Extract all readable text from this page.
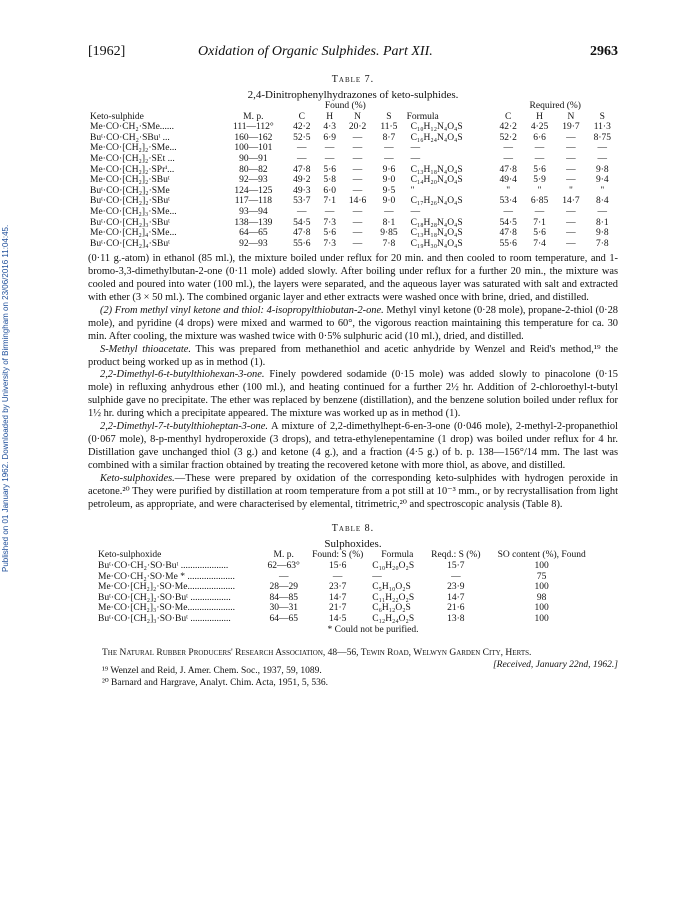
Published on 01 January 1962. Downloaded by University of Birmingham on 23/06/2016 11:04:45.
[1962]	Oxidation of Organic Sulphides. Part XII.	2963
Table 7.
2,4-Dinitrophenylhydrazones of keto-sulphides.
		Found (%)					Required (%)			
Keto-sulphide	M. p.	C	H	N	S	Formula	C	H	N	S
Me·CO·CH₂·SMe......	111—112°	42·2	4·3	20·2	11·5	C₁₀H₁₂N₄O₄S	42·2	4·25	19·7	11·3
Buᵗ·CO·CH₂·SBuᵗ ...	160—162	52·5	6·9	—	8·7	C₁₆H₂₄N₄O₄S	52·2	6·6	—	8·75
Me·CO·[CH₂]₂·SMe...	100—101	—	—	—	—	—	—	—	—	—
Me·CO·[CH₂]₂·SEt ...	90—91	—	—	—	—	—	—	—	—	—
Me·CO·[CH₂]₂·SPrⁱ...	80—82	47·8	5·6	—	9·6	C₁₃H₁₈N₄O₄S	47·8	5·6	—	9·8
Me·CO·[CH₂]₂·SBuᵗ	92—93	49·2	5·8	—	9·0	C₁₄H₂₀N₄O₄S	49·4	5·9	—	9·4
Buᵗ·CO·[CH₂]₂·SMe	124—125	49·3	6·0	—	9·5	"	"	"	"	"
Buᵗ·CO·[CH₂]₂·SBuᵗ	117—118	53·7	7·1	14·6	9·0	C₁₇H₂₆N₄O₄S	53·4	6·85	14·7	8·4
Me·CO·[CH₂]₃·SMe...	93—94	—	—	—	—	—	—	—	—	—
Buᵗ·CO·[CH₂]₃·SBuᵗ	138—139	54·5	7·3	—	8·1	C₁₈H₂₈N₄O₄S	54·5	7·1	—	8·1
Me·CO·[CH₂]₄·SMe...	64—65	47·8	5·6	—	9·85	C₁₃H₁₈N₄O₄S	47·8	5·6	—	9·8
Buᵗ·CO·[CH₂]₄·SBuᵗ	92—93	55·6	7·3	—	7·8	C₁₉H₃₀N₄O₄S	55·6	7·4	—	7·8

(0·11 g.-atom) in ethanol (85 ml.), the mixture boiled under reflux for 20 min. and then cooled to room temperature, and 1-bromo-3,3-dimethylbutan-2-one (0·11 mole) added slowly. After boiling under reflux for a further 20 min., the mixture was cooled and poured into water (100 ml.), the layers were separated, and the aqueous layer was saturated with salt and extracted with ether (3 × 50 ml.). The combined organic layer and ether extracts were washed once with brine, dried, and distilled.

(2) From methyl vinyl ketone and thiol: 4-isopropylthiobutan-2-one. Methyl vinyl ketone (0·28 mole), propane-2-thiol (0·28 mole), and pyridine (4 drops) were mixed and warmed to 60°, the vigorous reaction maintaining this temperature for ca. 30 min. After cooling, the mixture was washed twice with 0·5% sulphuric acid (10 ml.), dried, and distilled.

S-Methyl thioacetate. This was prepared from methanethiol and acetic anhydride by Wenzel and Reid's method,¹⁹ the product being worked up as in method (1).

2,2-Dimethyl-6-t-butylthiohexan-3-one. Finely powdered sodamide (0·15 mole) was added slowly to pinacolone (0·15 mole) in refluxing anhydrous ether (100 ml.), and heating continued for a further 2½ hr. Addition of 2-chloroethyl-t-butyl sulphide gave no precipitate. The ether was replaced by benzene (distillation), and the benzene solution boiled under reflux for 1½ hr. during which a precipitate appeared. The mixture was worked up as in method (1).

2,2-Dimethyl-7-t-butylthioheptan-3-one. A mixture of 2,2-dimethylhept-6-en-3-one (0·046 mole), 2-methyl-2-propanethiol (0·067 mole), 8-p-menthyl hydroperoxide (3 drops), and tetra-ethylenepentamine (1 drop) was boiled under reflux for 4 hr. Distillation gave unchanged thiol (3 g.) and ketone (4 g.), and a fraction (4·5 g.) of b. p. 138—156°/14 mm. The last was combined with a similar fraction obtained by treating the recovered ketone with more thiol, as above, and distilled.

Keto-sulphoxides.—These were prepared by oxidation of the corresponding keto-sulphides with hydrogen peroxide in acetone.²⁰ They were purified by distillation at room temperature from a pot still at 10⁻³ mm., or by recrystallisation from light petroleum, as appropriate, and were characterised by elemental, titrimetric,²⁰ and spectroscopic analysis (Table 8).

Table 8.
Sulphoxides.
Keto-sulphoxide	M. p.	Found: S (%)	Formula	Reqd.: S (%)	SO content (%), Found
Buᵗ·CO·CH₂·SO·Buᵗ ....................	62—63°	15·6	C₁₀H₂₀O₂S	15·7	100
Me·CO·CH₂·SO·Me * ....................	—	—	—	—	75
Me·CO·[CH₂]₂·SO·Me....................	28—29	23·7	C₅H₁₀O₂S	23·9	100
Buᵗ·CO·[CH₂]₂·SO·Buᵗ .................	84—85	14·7	C₁₁H₂₂O₂S	14·7	98
Me·CO·[CH₂]₃·SO·Me....................	30—31	21·7	C₆H₁₂O₂S	21·6	100
Buᵗ·CO·[CH₂]₃·SO·Buᵗ .................	64—65	14·5	C₁₂H₂₄O₂S	13·8	100
* Could not be purified.
The Natural Rubber Producers' Research Association, 48—56, Tewin Road, Welwyn Garden City, Herts.
[Received, January 22nd, 1962.]
¹⁹ Wenzel and Reid, J. Amer. Chem. Soc., 1937, 59, 1089.
²⁰ Barnard and Hargrave, Analyt. Chim. Acta, 1951, 5, 536.
